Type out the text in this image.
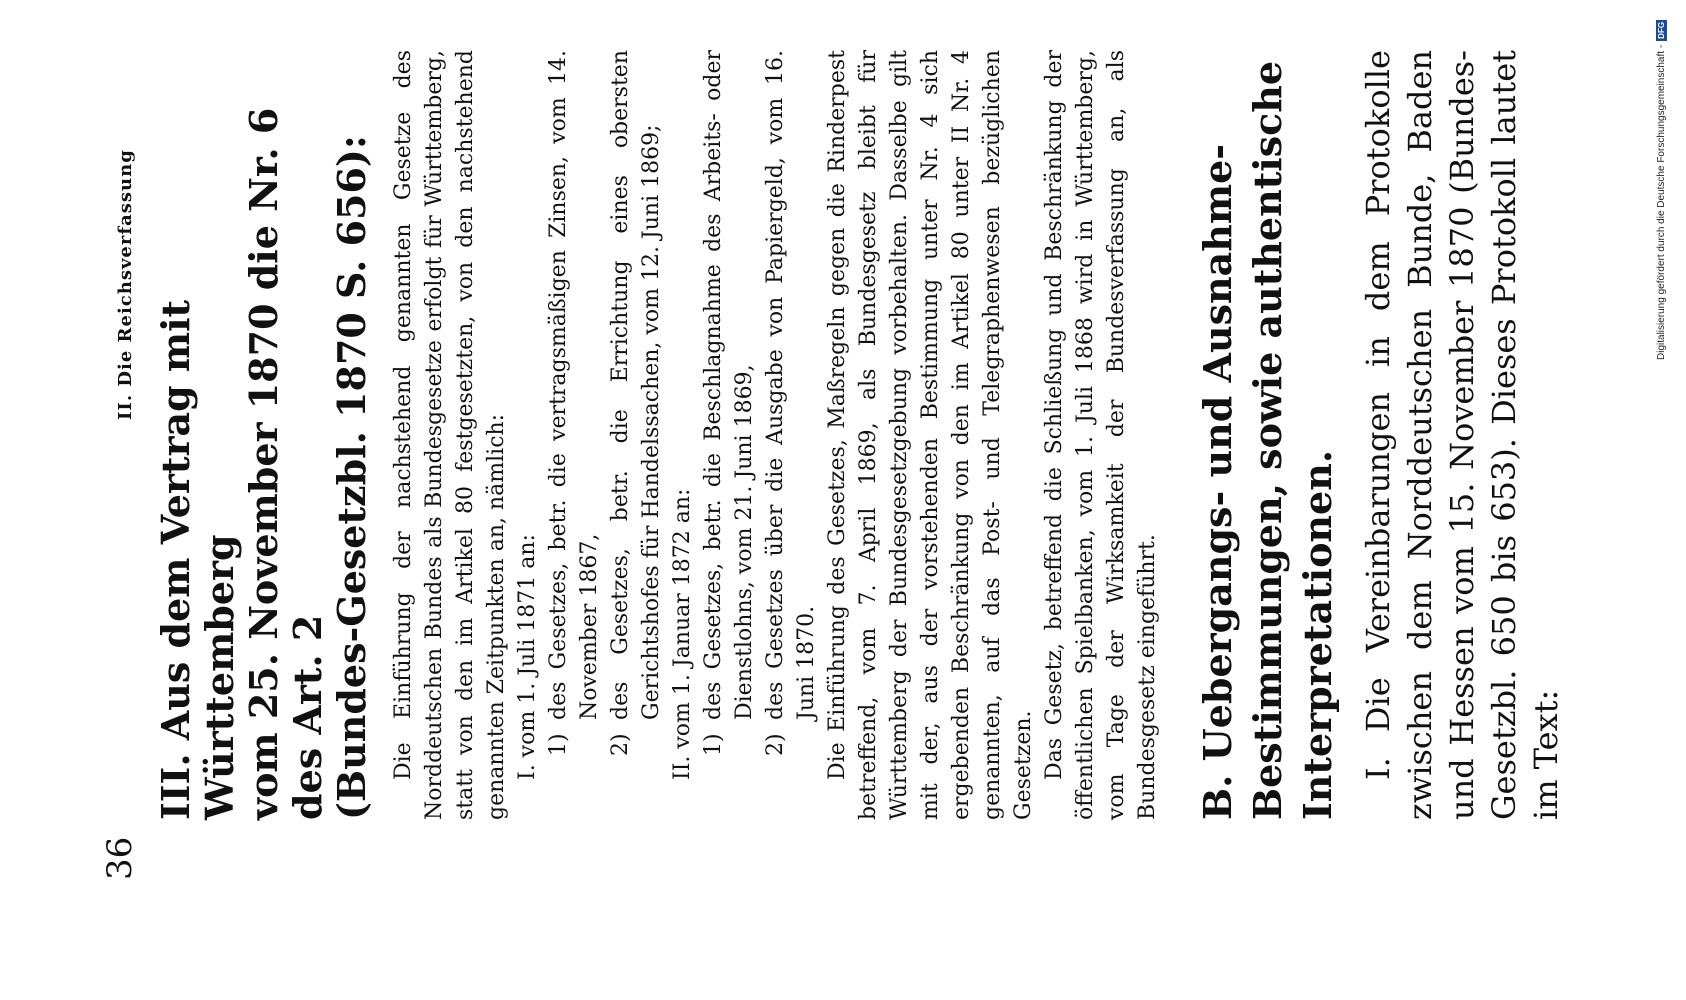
36
II. Die Reichsverfassung
III. Aus dem Vertrag mit Württemberg vom 25. November 1870 die Nr. 6 des Art. 2 (Bundes-Gesetzbl. 1870 S. 656): Die Einführung der nachstehend genannten Gesetze des Norddeutschen Bundes als Bundesgesetze erfolgt für Württemberg, statt von den im Artikel 80 festgesetzten, von den nachstehend genannten Zeitpunkten an, nämlich: I. vom 1. Juli 1871 an: 1)
des Gesetzes, betr. die vertragsmäßigen Zinsen, vom 14. November 1867,
2)
des Gesetzes, betr. die Errichtung eines obersten Gerichtshofes für Handelssachen, vom 12. Juni 1869; II. vom 1. Januar 1872 an: 1)
des Gesetzes, betr. die Beschlagnahme des Arbeits- oder Dienstlohns, vom 21. Juni 1869,
2)
des Gesetzes über die Ausgabe von Papiergeld, vom 16. Juni 1870. Die Einführung des Gesetzes, Maßregeln gegen die Rinderpest betreffend, vom 7. April 1869, als Bundesgesetz bleibt für Württemberg der Bundesgesetzgebung vorbehalten. Dasselbe gilt mit der, aus der vorstehenden Bestimmung unter Nr. 4 sich ergebenden Beschränkung von den im Artikel 80 unter II Nr. 4 genannten, auf das Post- und Telegraphenwesen bezüglichen Gesetzen. Das Gesetz, betreffend die Schließung und Beschränkung der öffentlichen Spielbanken, vom 1. Juli 1868 wird in Württemberg, vom Tage der Wirksamkeit der Bundesverfassung an, als Bundesgesetz eingeführt. B. Uebergangs- und Ausnahme-Bestimmungen, sowie authentische Interpretationen. I. Die Vereinbarungen in dem Protokolle zwischen dem Norddeutschen Bunde, Baden und Hessen vom 15. November 1870 (Bundes-Gesetzbl. 650 bis 653). Dieses Protokoll lautet im Text:

Digitalisierung gefördert durch die Deutsche Forschungsgemeinschaft -DFG
